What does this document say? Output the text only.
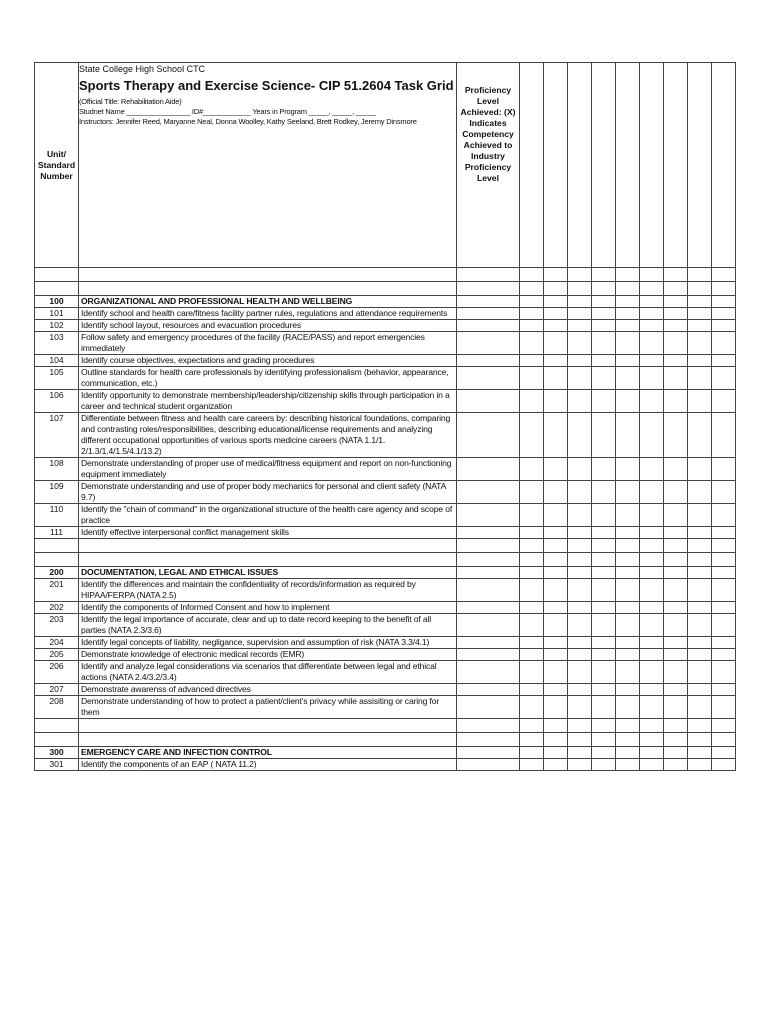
Unit/ Standard Number	State College High School CTC
Sports Therapy and Exercise Science- CIP 51.2604 Task Grid
(Official Title: Rehabilitation Aide)
Studnet Name ________________ ID#____________ Years in Program _____, _____, _____
Instructors: Jennifer Reed, Maryanne Neal, Donna Woolley, Kathy Seeland, Brett Rodkey, Jeremy Dinsmore	Proficiency Level Achieved: (X) Indicates Competency Achieved to Industry Proficiency Level									

100	ORGANIZATIONAL AND PROFESSIONAL HEALTH AND WELLBEING										
101	Identify school and health care/fitness facility partner rules, regulations and attendance requirements										
102	Identify school layout, resources and evacuation procedures										
103	Follow safety and emergency procedures of the facility (RACE/PASS) and report emergencies immediately										
104	Identify course objectives, expectations and grading procedures										
105	Outline standards for health care professionals by identifying professionalism (behavior, appearance, communication, etc.)										
106	Identify opportunity to demonstrate membership/leadership/citizenship skills through participation in a career and technical student organization										
107	Differentiate between fitness and health care careers by: describing historical foundations, comparing and contrasting roles/responsibilities, describing educational/license requirements and analyzing different occupational opportunities of various sports medicine careers (NATA 1.1/1. 2/1.3/1.4/1.5/4.1/13.2)										
108	Demonstrate understanding of proper use of medical/fitness equipment and report on non-functioning equipment immediately										
109	Demonstrate understanding and use of proper body mechanics for personal and client safety (NATA 9.7)										
110	Identify the "chain of command" in the organizational structure of the health care agency and scope of practice										
111	Identify effective interpersonal conflict management skills										

200	DOCUMENTATION, LEGAL AND ETHICAL ISSUES										
201	Identify the differences and maintain the confidentiality of records/information as required by HIPAA/FERPA (NATA 2.5)										
202	Identify the components of Informed Consent and how to implement										
203	Identify the legal importance of accurate, clear and up to date record keeping to the benefit of all parties (NATA 2.3/3.6)										
204	Identify legal concepts of liability, negligance, supervision and assumption of risk (NATA 3.3/4.1)										
205	Demonstrate knowledge of electronic medical records (EMR)										
206	Identify and analyze legal considerations via scenarios that differentiate between legal and ethical actions (NATA 2.4/3.2/3.4)										
207	Demonstrate awarenss of advanced directives										
208	Demonstrate understanding of how to protect a patient/client's privacy while assisiting or caring for them										

300	EMERGENCY CARE AND INFECTION CONTROL										
301	Identify the components of an EAP ( NATA 11.2)										
